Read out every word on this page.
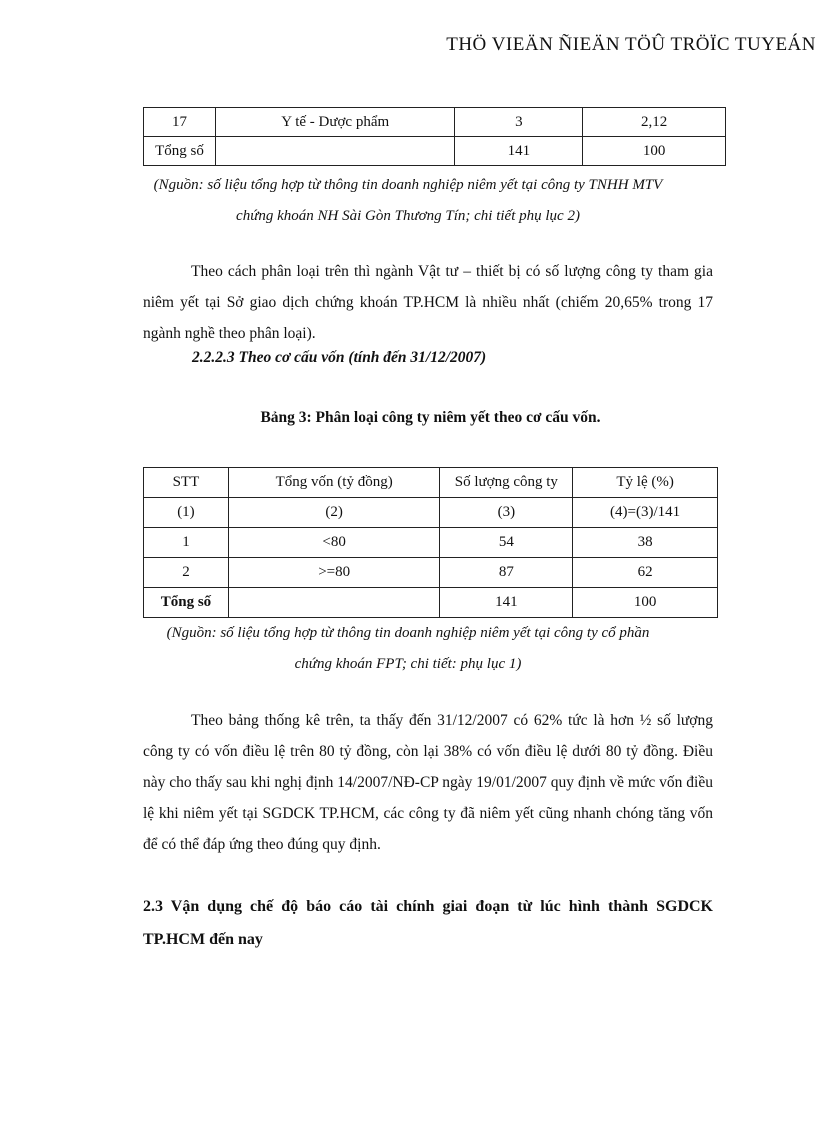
THÖ VIEÄN ÑIEÄN TÖÛ TRÖÏC TUYEÁN
17	Y tế - Dược phẩm	3	2,12
Tổng số		141	100
(Nguồn: số liệu tổng hợp từ thông tin doanh nghiệp niêm yết tại công ty TNHH MTV
chứng khoán NH Sài Gòn Thương Tín; chi tiết phụ lục 2)
Theo cách phân loại trên thì ngành Vật tư – thiết bị có số lượng công ty tham gia niêm yết tại Sở giao dịch chứng khoán TP.HCM là nhiều nhất (chiếm 20,65% trong 17 ngành nghề theo phân loại).
2.2.2.3 Theo cơ cấu vốn (tính đến 31/12/2007)
Bảng 3: Phân loại công ty niêm yết theo cơ cấu vốn.
STT	Tổng vốn (tỷ đồng)	Số lượng công ty	Tỷ lệ (%)
(1)	(2)	(3)	(4)=(3)/141
1	<80	54	38
2	>=80	87	62
Tổng số		141	100
(Nguồn: số liệu tổng hợp từ thông tin doanh nghiệp niêm yết tại công ty cổ phần
chứng khoán FPT; chi tiết: phụ lục 1)
Theo bảng thống kê trên, ta thấy đến 31/12/2007 có 62% tức là hơn ½ số lượng công ty có vốn điều lệ trên 80 tỷ đồng, còn lại 38% có vốn điều lệ dưới 80 tỷ đồng. Điều này cho thấy sau khi nghị định 14/2007/NĐ-CP ngày 19/01/2007 quy định về mức vốn điều lệ khi niêm yết tại SGDCK TP.HCM, các công ty đã niêm yết cũng nhanh chóng tăng vốn để có thể đáp ứng theo đúng quy định.
2.3 Vận dụng chế độ báo cáo tài chính giai đoạn từ lúc hình thành SGDCK TP.HCM đến nay
